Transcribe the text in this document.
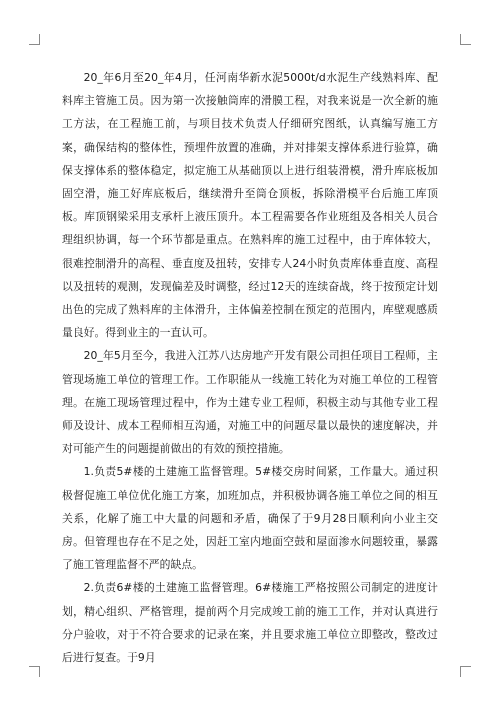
20_年6月至20_年4月，任河南华新水泥5000t/d水泥生产线熟料库、配料库主管施工员。因为第一次接触筒库的滑膜工程，对我来说是一次全新的施工方法，在工程施工前，与项目技术负责人仔细研究图纸，认真编写施工方案，确保结构的整体性，预埋件放置的准确，并对排架支撑体系进行验算，确保支撑体系的整体稳定，拟定施工从基础顶以上进行组装滑模，滑升库底板加固空滑，施工好库底板后，继续滑升至筒仓顶板，拆除滑模平台后施工库顶板。库顶钢梁采用支承杆上液压顶升。本工程需要各作业班组及各相关人员合理组织协调，每一个环节都是重点。在熟料库的施工过程中，由于库体较大，很难控制滑升的高程、垂直度及扭转，安排专人24小时负责库体垂直度、高程以及扭转的观测，发现偏差及时调整，经过12天的连续奋战，终于按预定计划出色的完成了熟料库的主体滑升，主体偏差控制在预定的范围内，库壁观感质量良好。得到业主的一直认可。

20_年5月至今，我进入江苏八达房地产开发有限公司担任项目工程师，主管现场施工单位的管理工作。工作职能从一线施工转化为对施工单位的工程管理。在施工现场管理过程中，作为土建专业工程师，积极主动与其他专业工程师及设计、成本工程师相互沟通，对施工中的问题尽量以最快的速度解决，并对可能产生的问题提前做出的有效的预控措施。

1.负责5#楼的土建施工监督管理。5#楼交房时间紧，工作量大。通过积极督促施工单位优化施工方案，加班加点，并积极协调各施工单位之间的相互关系，化解了施工中大量的问题和矛盾，确保了于9月28日顺利向小业主交房。但管理也存在不足之处，因赶工室内地面空鼓和屋面渗水问题较重，暴露了施工管理监督不严的缺点。

2.负责6#楼的土建施工监督管理。6#楼施工严格按照公司制定的进度计划，精心组织、严格管理，提前两个月完成竣工前的施工工作，并对认真进行分户验收，对于不符合要求的记录在案，并且要求施工单位立即整改，整改过后进行复查。于9月
